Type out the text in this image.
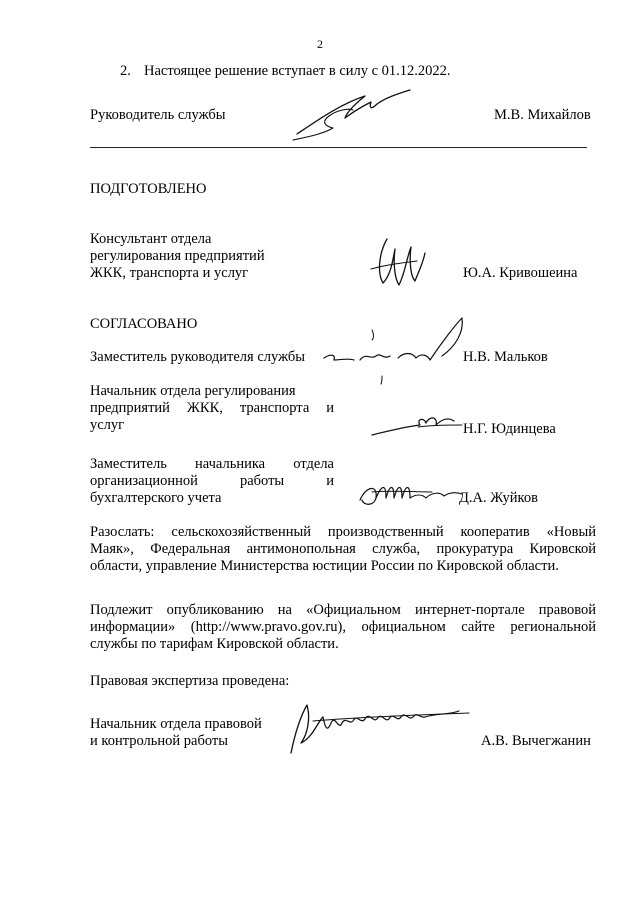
2
2. Настоящее решение вступает в силу с 01.12.2022.
Руководитель службы	М.В. Михайлов
ПОДГОТОВЛЕНО
Консультант отдела
регулирования предприятий
ЖКК, транспорта и услуг	Ю.А. Кривошеина
СОГЛАСОВАНО
Заместитель руководителя службы	Н.В. Мальков
Начальник отдела регулирования
предприятий ЖКК, транспорта и
услуг	Н.Г. Юдинцева
Заместитель начальника отдела
организационной работы и
бухгалтерского учета	Д.А. Жуйков
Разослать: сельскохозяйственный производственный кооператив «Новый
Маяк», Федеральная антимонопольная служба, прокуратура Кировской
области, управление Министерства юстиции России по Кировской области.
Подлежит опубликованию на «Официальном интернет-портале правовой
информации» (http://www.pravo.gov.ru), официальном сайте региональной
службы по тарифам Кировской области.
Правовая экспертиза проведена:
Начальник отдела правовой
и контрольной работы	А.В. Вычегжанин
